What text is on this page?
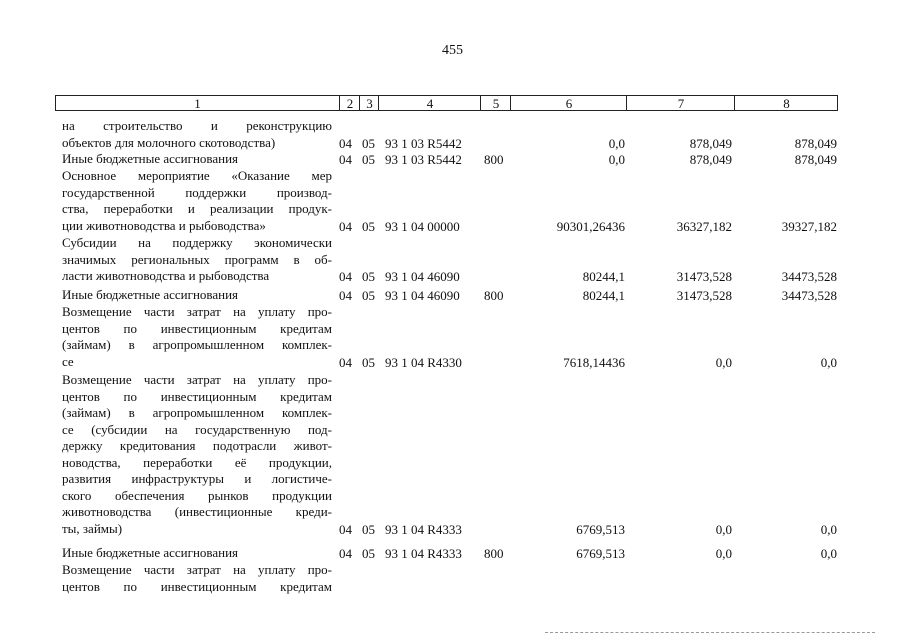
455
1	2	3	4	5	6	7	8
на строительство и реконструкцию
объектов для молочного скотоводства)	04 05 93 1 03 R5442	0,0	878,049	878,049
Иные бюджетные ассигнования	04 05 93 1 03 R5442 800	0,0	878,049	878,049
Основное мероприятие «Оказание мер
государственной поддержки производ-
ства, переработки и реализации продук-
ции животноводства и рыбоводства»	04 05 93 1 04 00000	90301,26436	36327,182	39327,182
Субсидии на поддержку экономически
значимых региональных программ в об-
ласти животноводства и рыбоводства	04 05 93 1 04 46090	80244,1	31473,528	34473,528
Иные бюджетные ассигнования	04 05 93 1 04 46090 800	80244,1	31473,528	34473,528
Возмещение части затрат на уплату про-
центов по инвестиционным кредитам
(займам) в агропромышленном комплек-
се	04 05 93 1 04 R4330	7618,14436	0,0	0,0
Возмещение части затрат на уплату про-
центов по инвестиционным кредитам
(займам) в агропромышленном комплек-
се (субсидии на государственную под-
держку кредитования подотрасли живот-
новодства, переработки её продукции,
развития инфраструктуры и логистиче-
ского обеспечения рынков продукции
животноводства (инвестиционные креди-
ты, займы)	04 05 93 1 04 R4333	6769,513	0,0	0,0
Иные бюджетные ассигнования	04 05 93 1 04 R4333 800	6769,513	0,0	0,0
Возмещение части затрат на уплату про-
центов по инвестиционным кредитам
